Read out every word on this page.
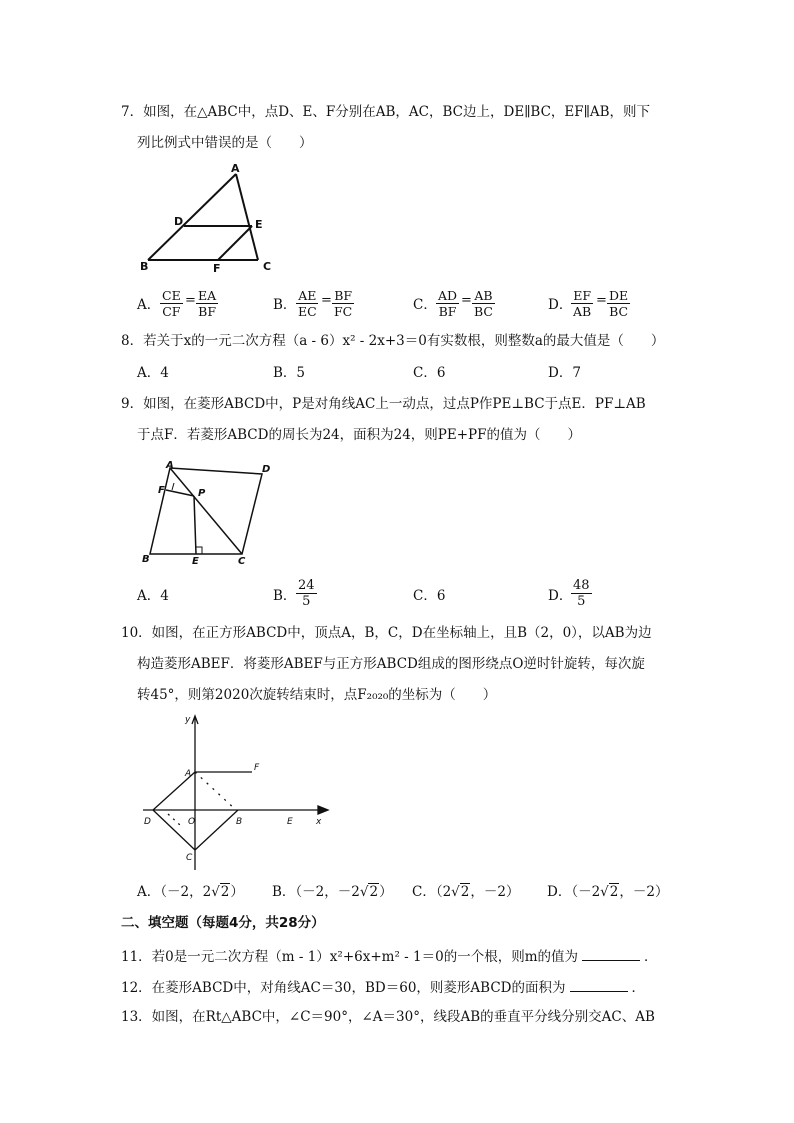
7．如图，在△ABC中，点D、E、F分别在AB，AC，BC边上，DE∥BC，EF∥AB，则下
列比例式中错误的是（　　）
A
D	E
B	F	C
A． $\frac{CE}{CF} = \frac{EA}{BF}$	B． $\frac{AE}{EC} = \frac{BF}{FC}$	C． $\frac{AD}{BF} = \frac{AB}{BC}$	D．
$\frac{EF}{AB} = \frac{DE}{BC}$
8．若关于x的一元二次方程（a - 6）x² - 2x+3＝0有实数根，则整数a的最大值是（　　）
A．4	B．5	C．6	D．7
9．如图，在菱形ABCD中，P是对角线AC上一动点，过点P作PE⊥BC于点E．PF⊥AB
于点F．若菱形ABCD的周长为24，面积为24，则PE+PF的值为（　　）
A	D
F	P
B	E	C
A．4	B． $\frac{24}{5}$	C．6	D．
$\frac{48}{5}$
10．如图，在正方形ABCD中，顶点A，B，C，D在坐标轴上，且B（2，0），以AB为边
构造菱形ABEF．将菱形ABEF与正方形ABCD组成的图形绕点O逆时针旋转，每次旋
转45°，则第2020次旋转结束时，点F₂₀₂₀的坐标为（　　）
y
A
F
D	O	B	E	x
C
A．（－2，2√2） B．（－2，－2√2） C．（2√2，－2） D．（－2√2，－2）
二、填空题（每题4分，共28分）
11．若0是一元二次方程（m - 1）x²+6x+m² - 1＝0的一个根，则m的值为	．
12．在菱形ABCD中，对角线AC＝30，BD＝60，则菱形ABCD的面积为	．
13．如图，在Rt△ABC中，∠C＝90°，∠A＝30°，线段AB的垂直平分线分别交AC、AB
